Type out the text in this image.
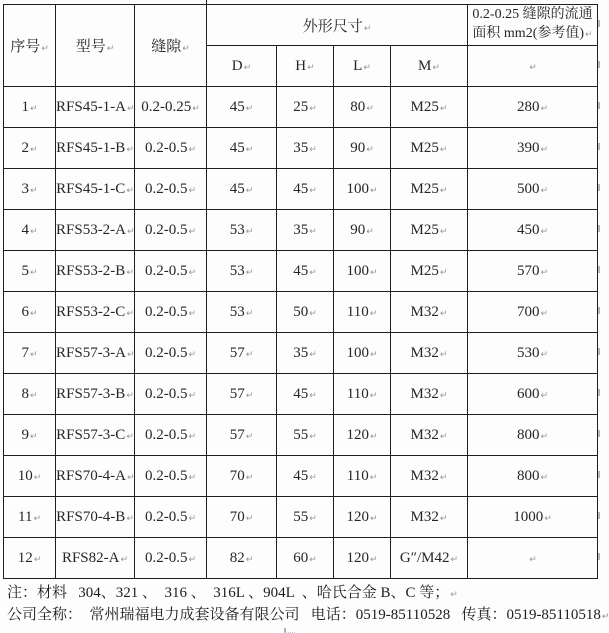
序号↵	型号↵	缝隙↵	外形尺寸↵				0.2-0.25 缝隙的流通面积 mm2(参考值)↵
			D↵	H↵	L↵	M↵	↵
1↵	RFS45-1-A↵	0.2-0.25↵	45↵	25↵	80↵	M25↵	280↵
2↵	RFS45-1-B↵	0.2-0.5↵	45↵	35↵	90↵	M25↵	390↵
3↵	RFS45-1-C↵	0.2-0.5↵	45↵	45↵	100↵	M25↵	500↵
4↵	RFS53-2-A↵	0.2-0.5↵	53↵	35↵	90↵	M25↵	450↵
5↵	RFS53-2-B↵	0.2-0.5↵	53↵	45↵	100↵	M25↵	570↵
6↵	RFS53-2-C↵	0.2-0.5↵	53↵	50↵	110↵	M32↵	700↵
7↵	RFS57-3-A↵	0.2-0.5↵	57↵	35↵	100↵	M32↵	530↵
8↵	RFS57-3-B↵	0.2-0.5↵	57↵	45↵	110↵	M32↵	600↵
9↵	RFS57-3-C↵	0.2-0.5↵	57↵	55↵	120↵	M32↵	800↵
10↵	RFS70-4-A↵	0.2-0.5↵	70↵	45↵	110↵	M32↵	800↵
11↵	RFS70-4-B↵	0.2-0.5↵	70↵	55↵	120↵	M32↵	1000↵
12↵	RFS82-A↵	0.2-0.5↵	82↵	60↵	120↵	G″/M42↵	↵
注：材料   304、321 、  316 、  316L 、904L  、哈氏合金 B、C 等；↵
公司全称：  常州瑞福电力成套设备有限公司   电话：0519-85110528   传真：0519-85110518↵
